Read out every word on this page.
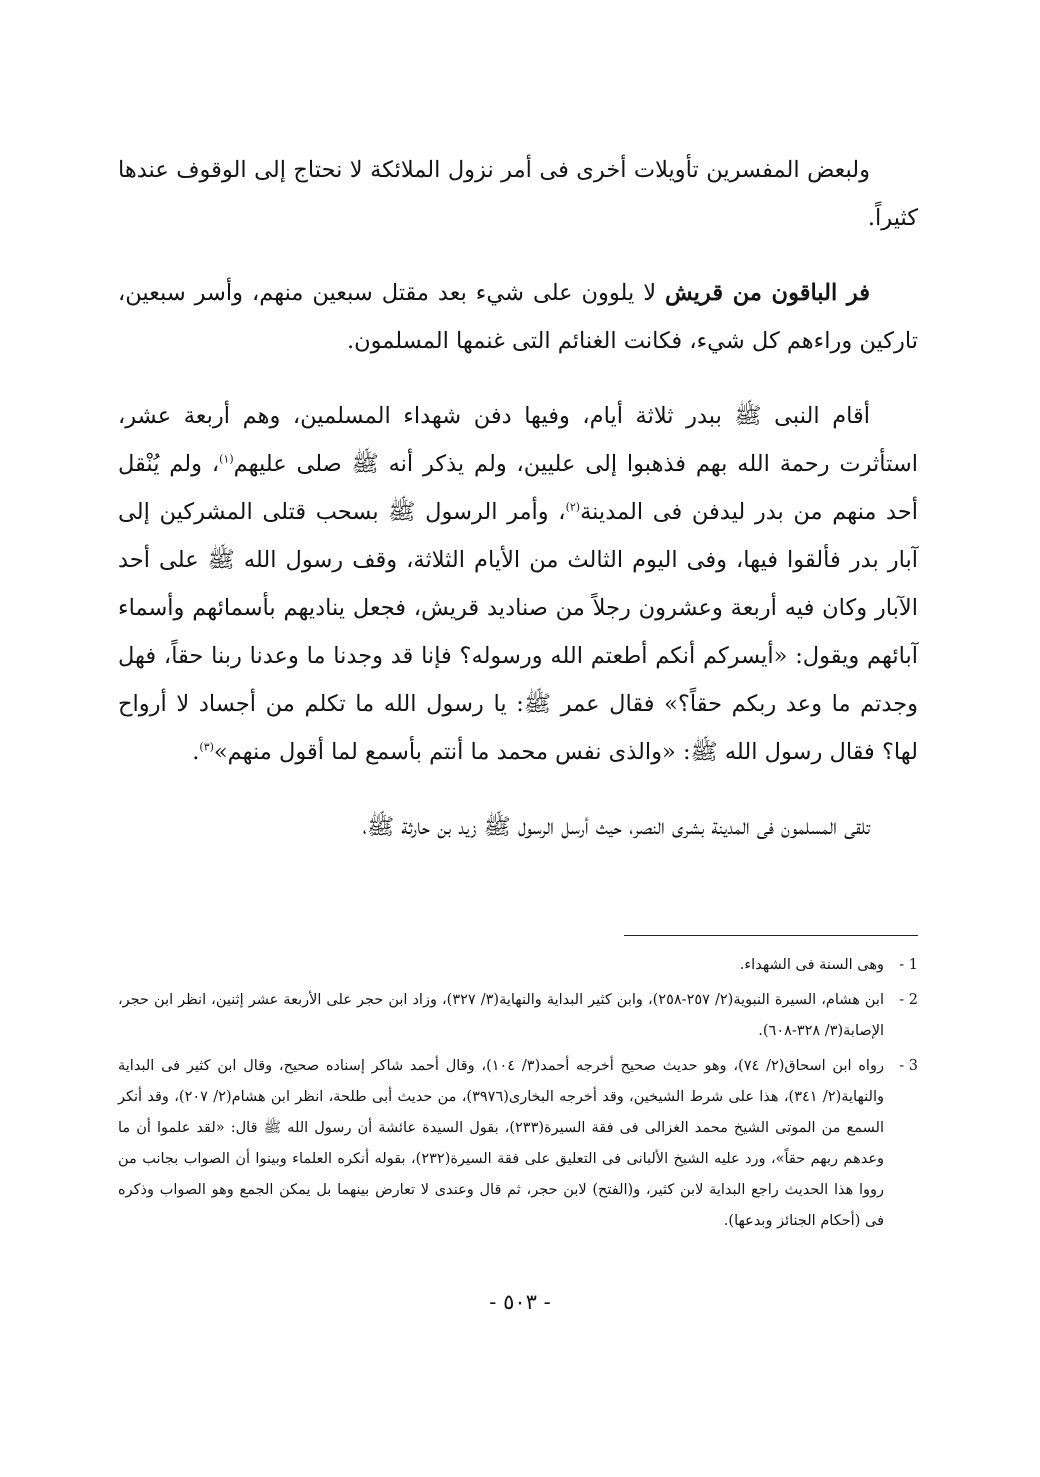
ولبعض المفسرين تأويلات أخرى فى أمر نزول الملائكة لا نحتاج إلى الوقوف عندها كثيراً.

فر الباقون من قريش لا يلوون على شيء بعد مقتل سبعين منهم، وأسر سبعين، تاركين وراءهم كل شيء، فكانت الغنائم التى غنمها المسلمون.

أقام النبى ﷺ ببدر ثلاثة أيام، وفيها دفن شهداء المسلمين، وهم أربعة عشر، استأثرت رحمة الله بهم فذهبوا إلى عليين، ولم يذكر أنه ﷺ صلى عليهم$^{(١)}$، ولم يُنْقل أحد منهم من بدر ليدفن فى المدينة$^{(٢)}$، وأمر الرسول ﷺ بسحب قتلى المشركين إلى آبار بدر فألقوا فيها، وفى اليوم الثالث من الأيام الثلاثة، وقف رسول الله ﷺ على أحد الآبار وكان فيه أربعة وعشرون رجلاً من صناديد قريش، فجعل يناديهم بأسمائهم وأسماء آبائهم ويقول: «أيسركم أنكم أطعتم الله ورسوله؟ فإنا قد وجدنا ما وعدنا ربنا حقاً، فهل وجدتم ما وعد ربكم حقاً؟» فقال عمر ﷺ: يا رسول الله ما تكلم من أجساد لا أرواح لها؟ فقال رسول الله ﷺ: «والذى نفس محمد ما أنتم بأسمع لما أقول منهم»$^{(٣)}$.

تلقى المسلمون فى المدينة بشرى النصر، حيث أرسل الرسول ﷺ زيد بن حارثة ﷺ،

1 -
وهى السنة فى الشهداء.
2 -
ابن هشام، السيرة النبوية(٢/ ٢٥٧-٢٥٨)، وابن كثير البداية والنهاية(٣/ ٣٢٧)، وزاد ابن حجر على الأربعة عشر إثنين، انظر ابن حجر، الإصابة(٣/ ٣٢٨-٦٠٨).
3 -
رواه ابن اسحاق(٢/ ٧٤)، وهو حديث صحيح أخرجه أحمد(٣/ ١٠٤)، وقال أحمد شاكر إسناده صحيح، وقال ابن كثير فى البداية والنهاية(٢/ ٣٤١)، هذا على شرط الشيخين، وقد أخرجه البخارى(٣٩٧٦)، من حديث أبى طلحة، انظر ابن هشام(٢/ ٢٠٧)، وقد أنكر السمع من الموتى الشيخ محمد الغزالى فى فقة السيرة(٢٣٣)، بقول السيدة عائشة أن رسول الله ﷺ قال: «لقد علموا أن ما وعدهم ربهم حقاً»، ورد عليه الشيخ الألبانى فى التعليق على فقة السيرة(٢٣٢)، بقوله أنكره العلماء وبينوا أن الصواب بجانب من رووا هذا الحديث راجع البداية لابن كثير، و(الفتح) لابن حجر، ثم قال وعندى لا تعارض بينهما بل يمكن الجمع وهو الصواب وذكره فى (أحكام الجنائز وبدعها).
- ٥٠٣ -
